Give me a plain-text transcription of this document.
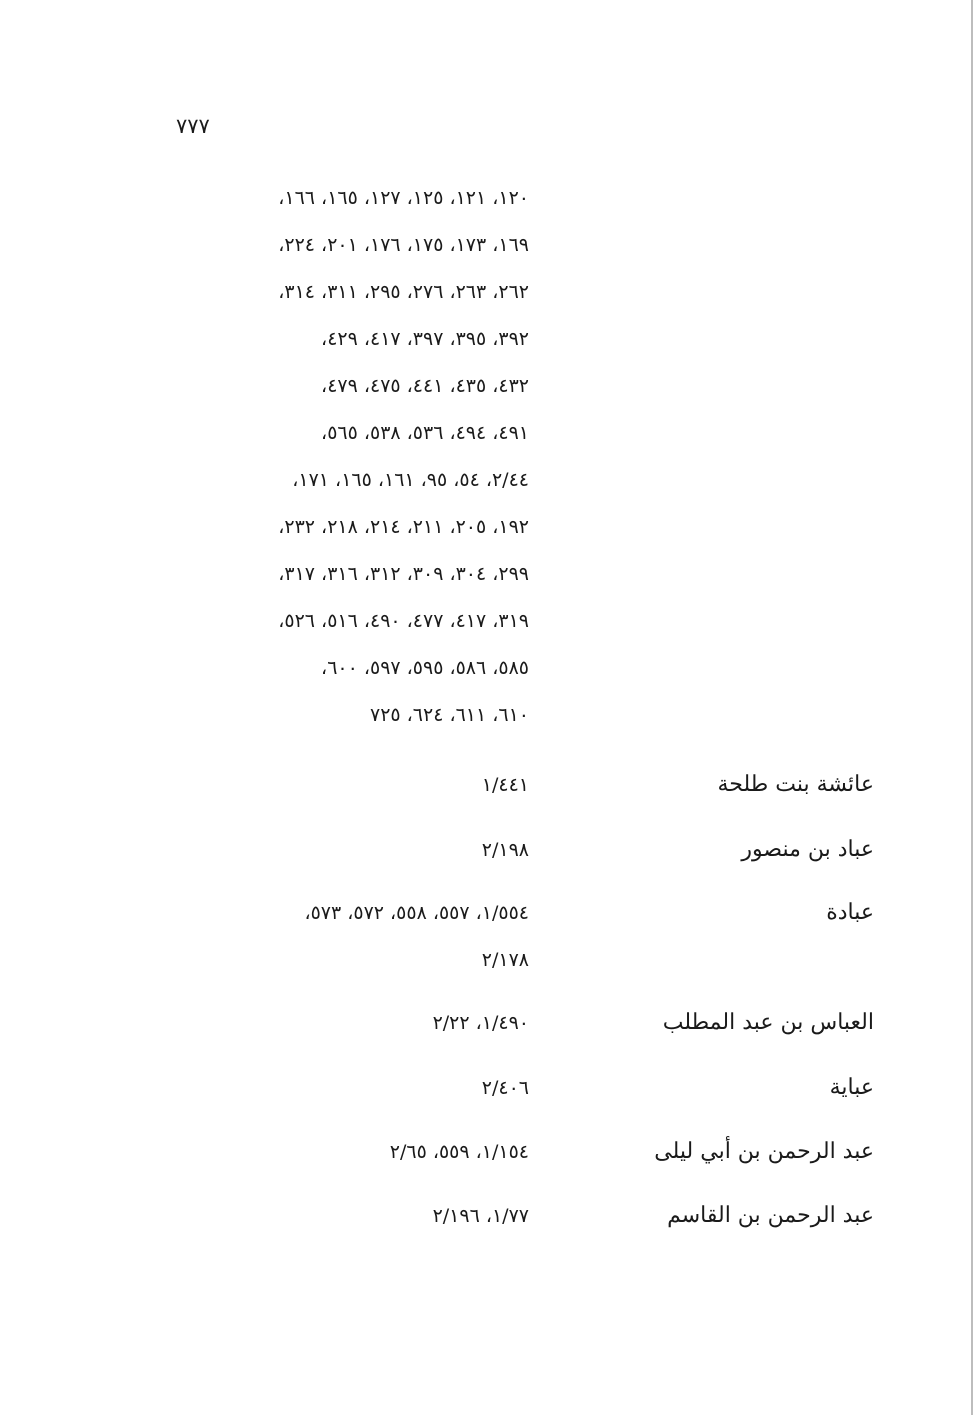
٧٧٧
١٢٠، ١٢١، ١٢٥، ١٢٧، ١٦٥، ١٦٦،
١٦٩، ١٧٣، ١٧٥، ١٧٦، ٢٠١، ٢٢٤،
٢٦٢، ٢٦٣، ٢٧٦، ٢٩٥، ٣١١، ٣١٤،
٣٩٢، ٣٩٥، ٣٩٧، ٤١٧، ٤٢٩،
٤٣٢، ٤٣٥، ٤٤١، ٤٧٥، ٤٧٩،
٤٩١، ٤٩٤، ٥٣٦، ٥٣٨، ٥٦٥،
٢/٤٤، ٥٤، ٩٥، ١٦١، ١٦٥، ١٧١،
١٩٢، ٢٠٥، ٢١١، ٢١٤، ٢١٨، ٢٣٢،
٢٩٩، ٣٠٤، ٣٠٩، ٣١٢، ٣١٦، ٣١٧،
٣١٩، ٤١٧، ٤٧٧، ٤٩٠، ٥١٦، ٥٢٦،
٥٨٥، ٥٨٦، ٥٩٥، ٥٩٧، ٦٠٠،
٦١٠، ٦١١، ٦٢٤، ٧٢٥
عائشة بنت طلحة
١/٤٤١
عباد بن منصور
٢/١٩٨
عبادة
١/٥٥٤، ٥٥٧، ٥٥٨، ٥٧٢، ٥٧٣،
٢/١٧٨
العباس بن عبد المطلب
١/٤٩٠، ٢/٢٢
عباية
٢/٤٠٦
عبد الرحمن بن أبي ليلى
١/١٥٤، ٥٥٩، ٢/٦٥
عبد الرحمن بن القاسم
١/٧٧، ٢/١٩٦
